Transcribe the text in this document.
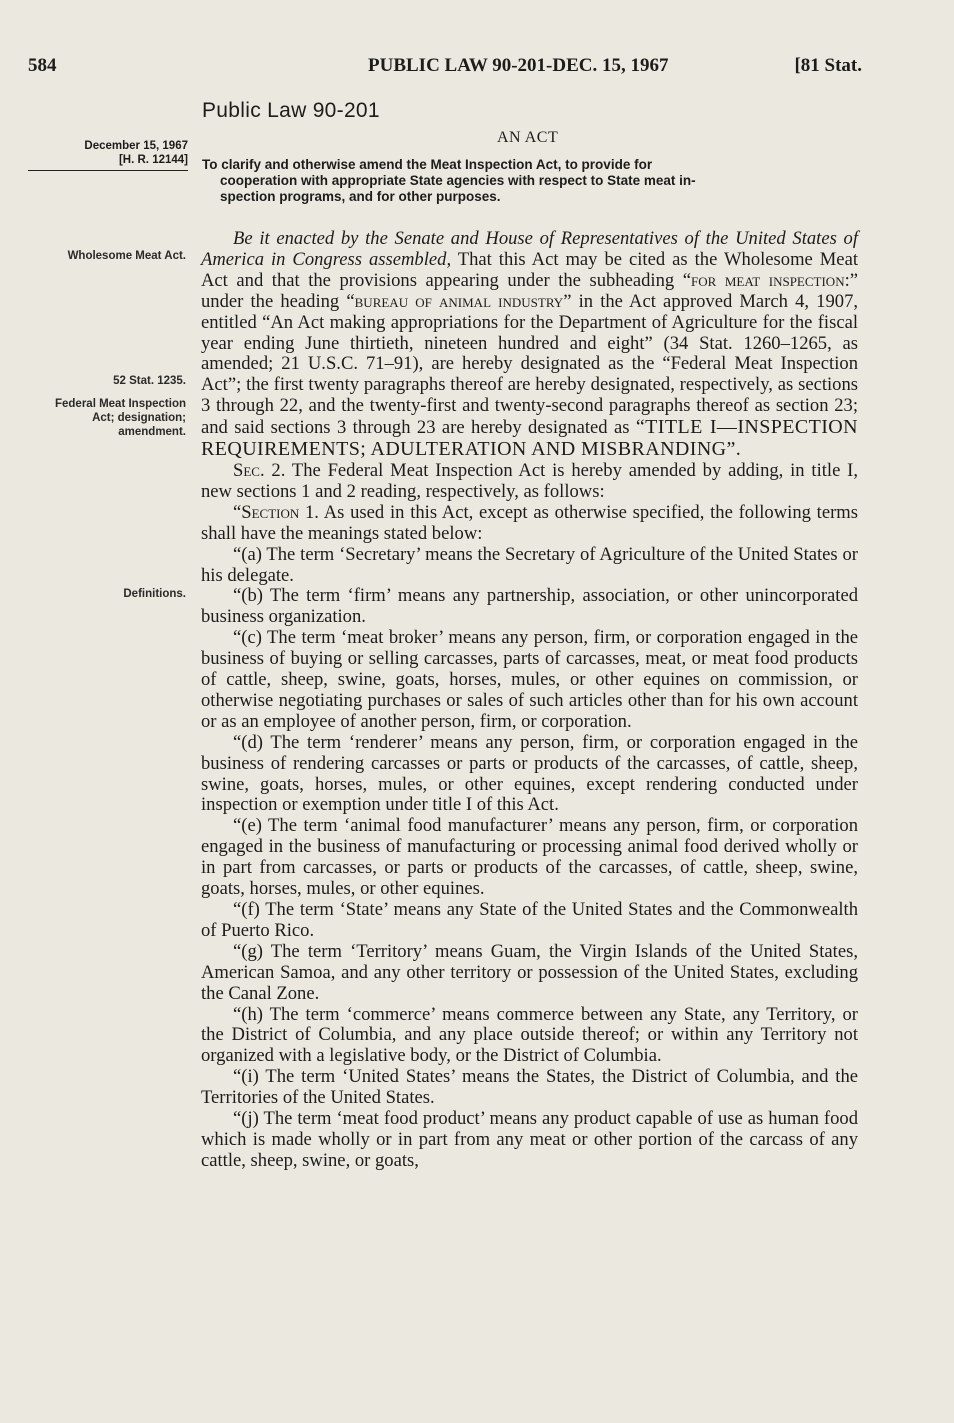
584	PUBLIC LAW 90-201-DEC. 15, 1967	[81 Stat.
Public Law 90-201
AN ACT
December 15, 1967

[H. R. 12144] To clarify and otherwise amend the Meat Inspection Act, to provide for
cooperation with appropriate State agencies with respect to State meat in-
spection programs, and for other purposes.
Wholesome Meat Act.
52 Stat. 1235.
Federal Meat Inspection Act; designation; amendment.
Definitions.

Be it enacted by the Senate and House of Representatives of the United States of America in Congress assembled, That this Act may be cited as the Wholesome Meat Act and that the provisions appearing under the subheading “for meat inspection:” under the heading “bureau of animal industry” in the Act approved March 4, 1907, entitled “An Act making appropriations for the Department of Agriculture for the fiscal year ending June thirtieth, nineteen hundred and eight” (34 Stat. 1260–1265, as amended; 21 U.S.C. 71–91), are hereby designated as the “Federal Meat Inspection Act”; the first twenty paragraphs thereof are hereby designated, respectively, as sections 3 through 22, and the twenty-first and twenty-second paragraphs thereof as section 23; and said sections 3 through 23 are hereby designated as “TITLE I—INSPECTION REQUIREMENTS; ADULTERATION AND MISBRANDING”.

Sec. 2. The Federal Meat Inspection Act is hereby amended by adding, in title I, new sections 1 and 2 reading, respectively, as follows:

“Section 1. As used in this Act, except as otherwise specified, the following terms shall have the meanings stated below:

“(a) The term ‘Secretary’ means the Secretary of Agriculture of the United States or his delegate.

“(b) The term ‘firm’ means any partnership, association, or other unincorporated business organization.

“(c) The term ‘meat broker’ means any person, firm, or corporation engaged in the business of buying or selling carcasses, parts of carcasses, meat, or meat food products of cattle, sheep, swine, goats, horses, mules, or other equines on commission, or otherwise negotiating purchases or sales of such articles other than for his own account or as an employee of another person, firm, or corporation.

“(d) The term ‘renderer’ means any person, firm, or corporation engaged in the business of rendering carcasses or parts or products of the carcasses, of cattle, sheep, swine, goats, horses, mules, or other equines, except rendering conducted under inspection or exemption under title I of this Act.

“(e) The term ‘animal food manufacturer’ means any person, firm, or corporation engaged in the business of manufacturing or processing animal food derived wholly or in part from carcasses, or parts or products of the carcasses, of cattle, sheep, swine, goats, horses, mules, or other equines.

“(f) The term ‘State’ means any State of the United States and the Commonwealth of Puerto Rico.

“(g) The term ‘Territory’ means Guam, the Virgin Islands of the United States, American Samoa, and any other territory or possession of the United States, excluding the Canal Zone.

“(h) The term ‘commerce’ means commerce between any State, any Territory, or the District of Columbia, and any place outside thereof; or within any Territory not organized with a legislative body, or the District of Columbia.

“(i) The term ‘United States’ means the States, the District of Columbia, and the Territories of the United States.

“(j) The term ‘meat food product’ means any product capable of use as human food which is made wholly or in part from any meat or other portion of the carcass of any cattle, sheep, swine, or goats,
